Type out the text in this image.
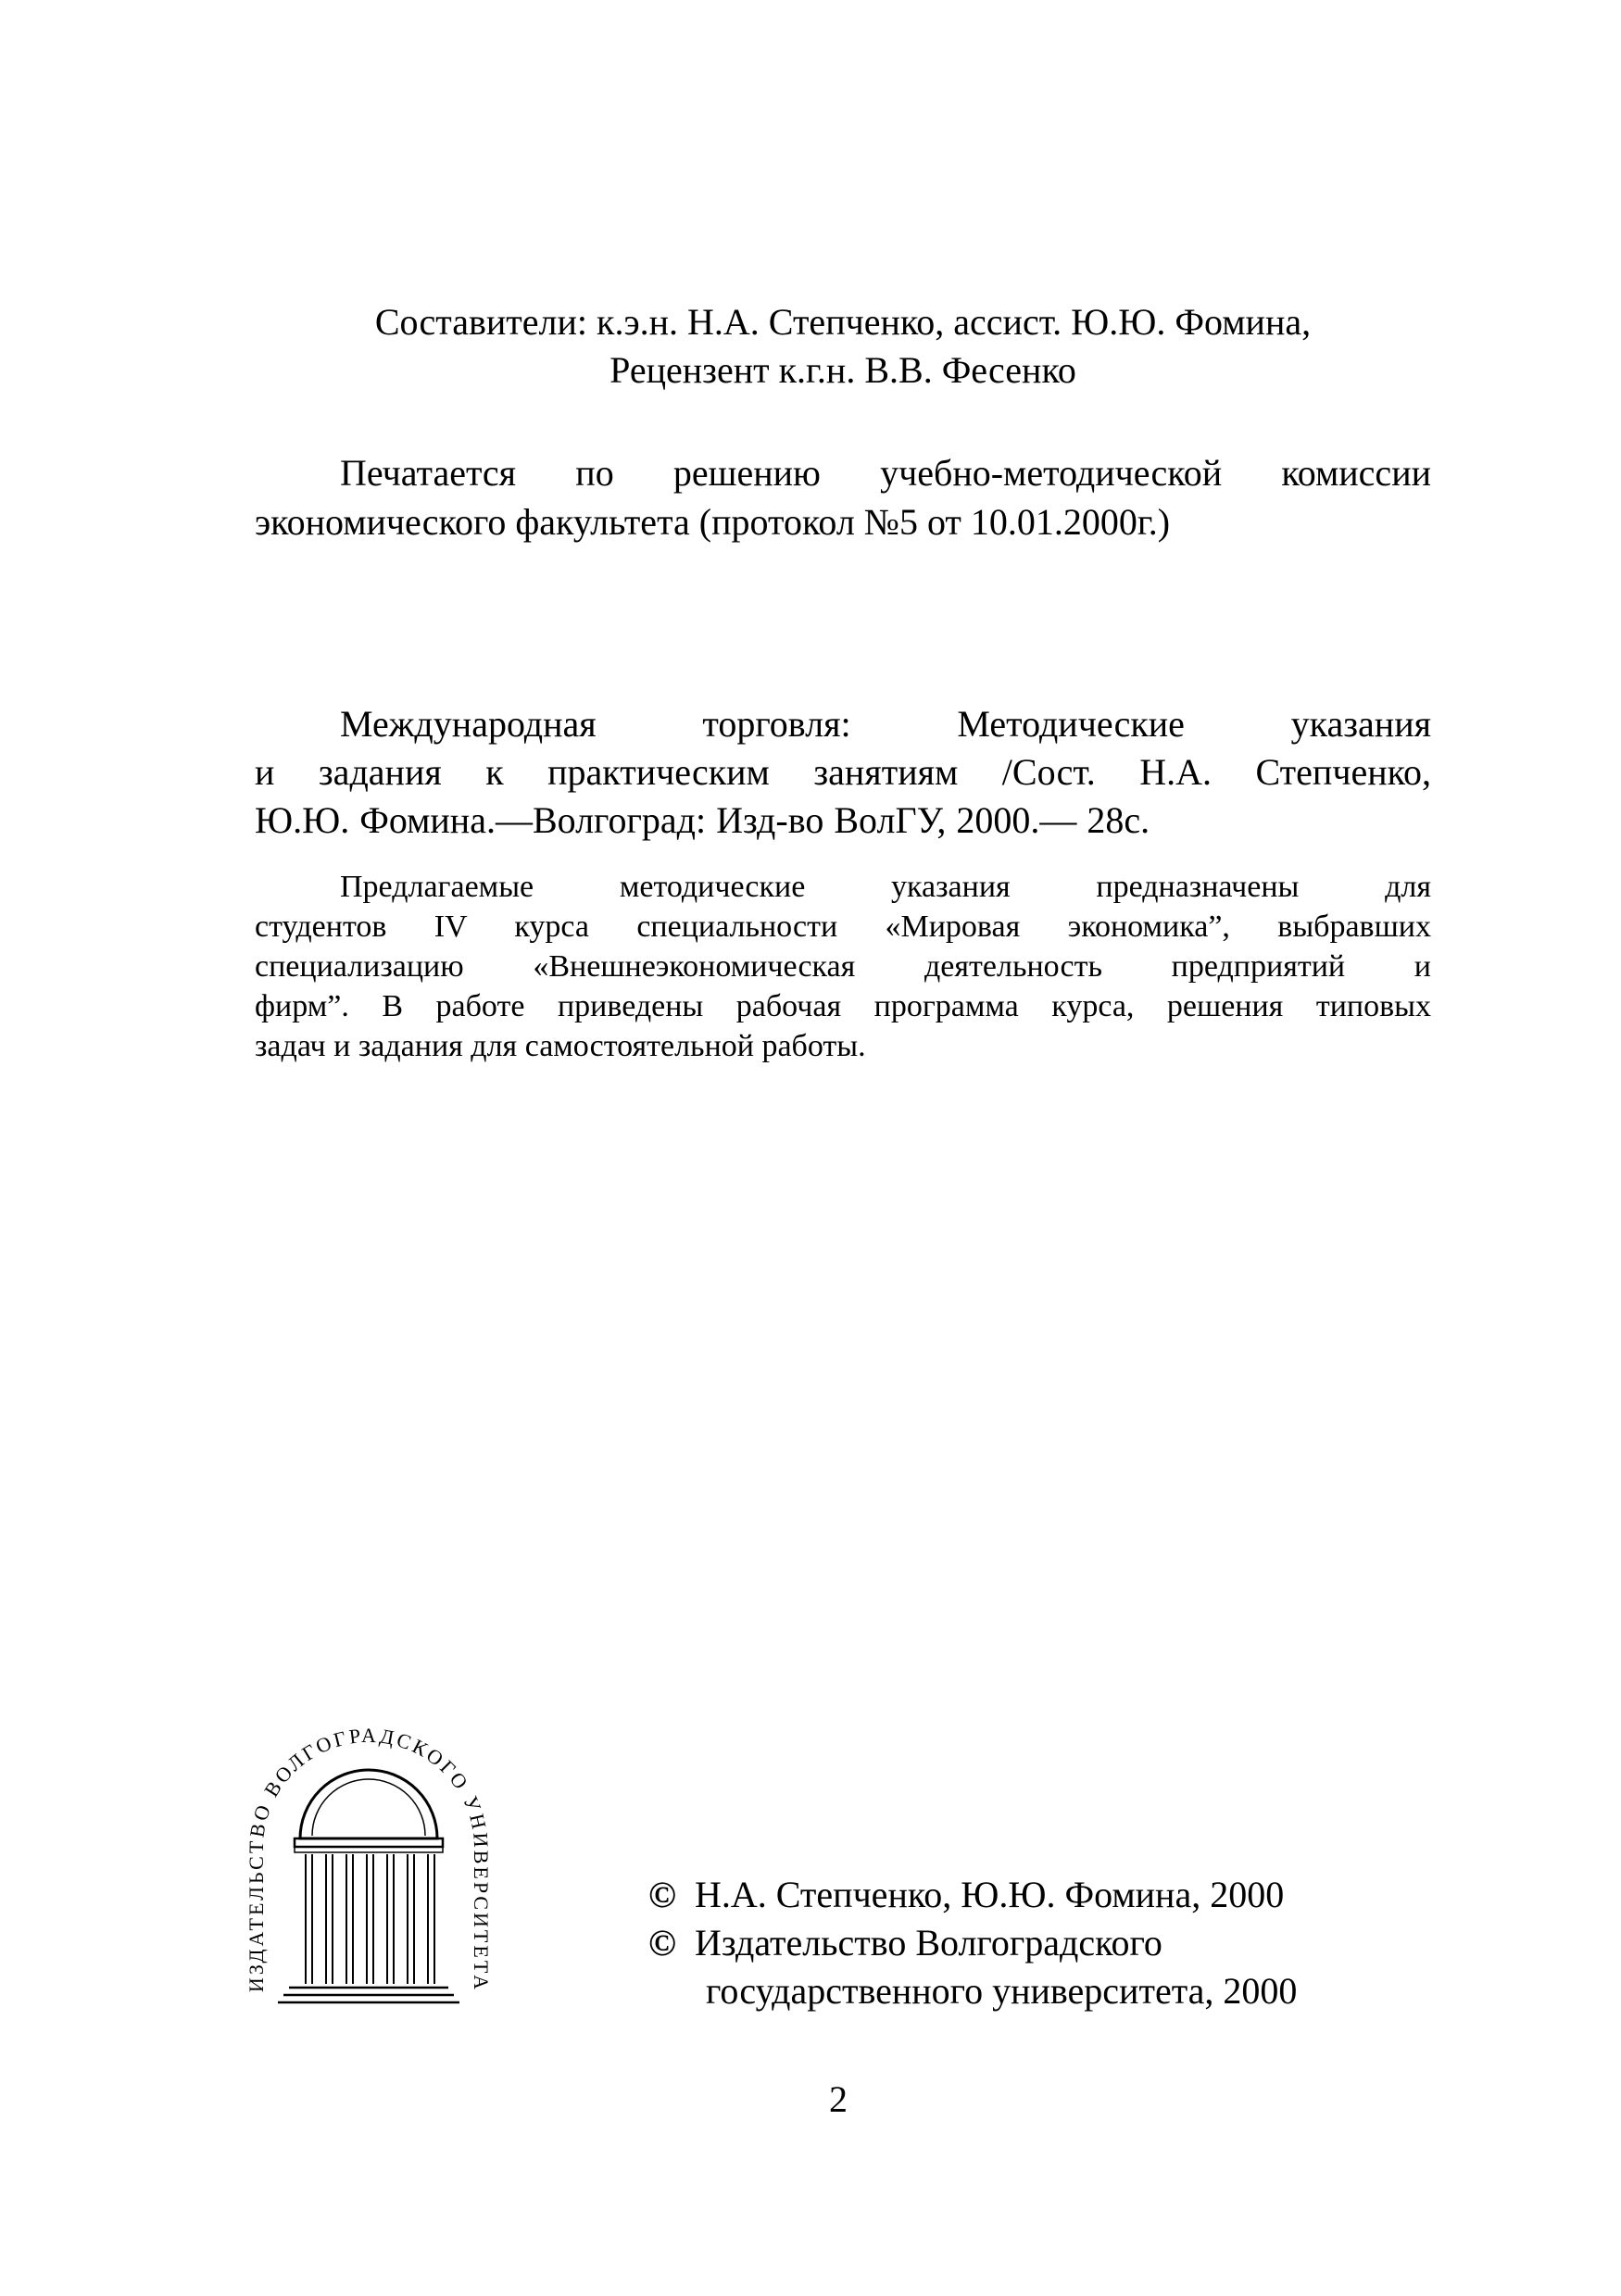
Составители: к.э.н. Н.А. Степченко, ассист. Ю.Ю. Фомина,
Рецензент к.г.н. В.В. Фесенко
Печатается по решению учебно-методической комиссии
экономического факультета (протокол №5 от 10.01.2000г.)
Международная торговля: Методические указания
и задания к практическим занятиям /Сост. Н.А. Степченко,
Ю.Ю. Фомина.—Волгоград: Изд-во ВолГУ, 2000.— 28с.
Предлагаемые методические указания предназначены для
студентов IV курса специальности «Мировая экономика”, выбравших
специализацию «Внешнеэкономическая деятельность предприятий и
фирм”. В работе приведены рабочая программа курса, решения типовых
задач и задания для самостоятельной работы.
ИЗДАТЕЛЬСТВО ВОЛГОГРАДСКОГО УНИВЕРСИТЕТА
© Н.А. Степченко, Ю.Ю. Фомина, 2000
© Издательство Волгоградского
государственного университета, 2000
2
